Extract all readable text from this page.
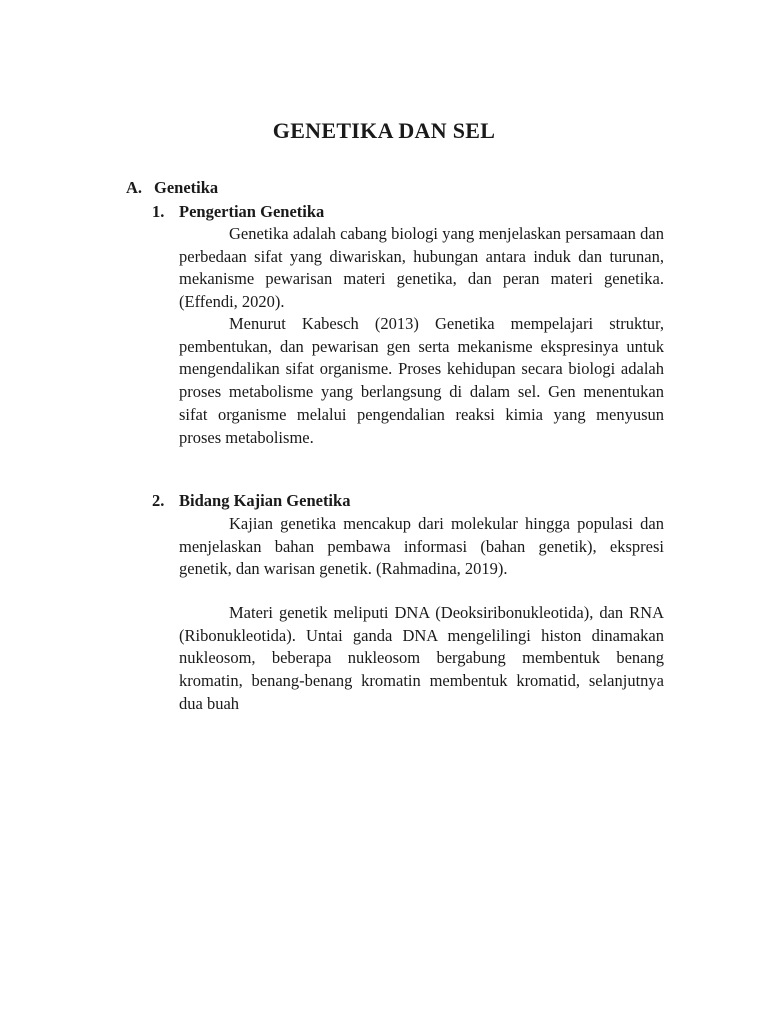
GENETIKA DAN SEL
A. Genetika
1. Pengertian Genetika

Genetika adalah cabang biologi yang menjelaskan persamaan dan perbedaan sifat yang diwariskan, hubungan antara induk dan turunan, mekanisme pewarisan materi genetika, dan peran materi genetika. (Effendi, 2020).

Menurut Kabesch (2013) Genetika mempelajari struktur, pembentukan, dan pewarisan gen serta mekanisme ekspresinya untuk mengendalikan sifat organisme. Proses kehidupan secara biologi adalah proses metabolisme yang berlangsung di dalam sel. Gen menentukan sifat organisme melalui pengendalian reaksi kimia yang menyusun proses metabolisme.

2. Bidang Kajian Genetika

Kajian genetika mencakup dari molekular hingga populasi dan menjelaskan bahan pembawa informasi (bahan genetik), ekspresi genetik, dan warisan genetik. (Rahmadina, 2019).

Materi genetik meliputi DNA (Deoksiribonukleotida), dan RNA (Ribonukleotida). Untai ganda DNA mengelilingi histon dinamakan nukleosom, beberapa nukleosom bergabung membentuk benang kromatin, benang-benang kromatin membentuk kromatid, selanjutnya dua buah
